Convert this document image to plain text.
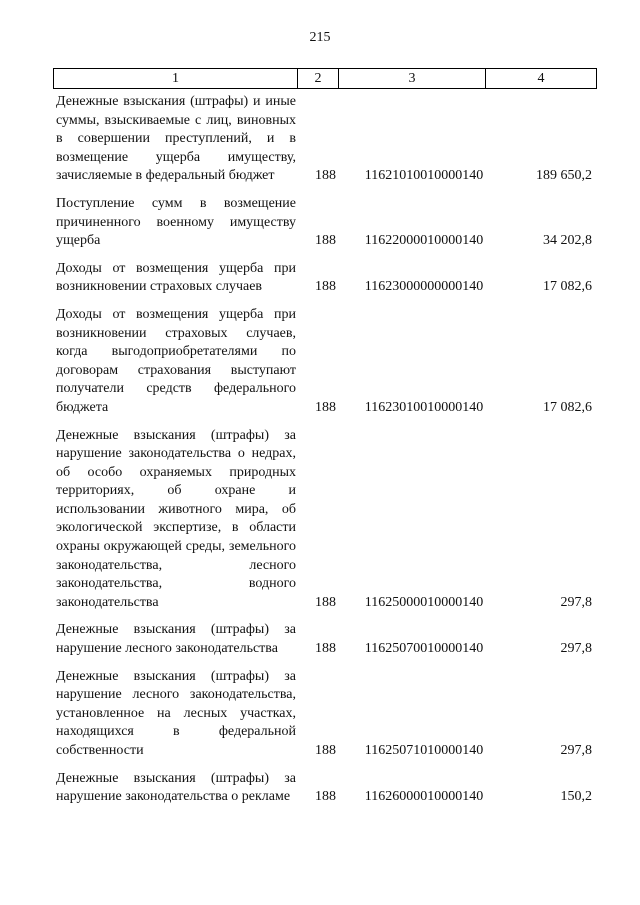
215
1	2	3	4
Денежные взыскания (штрафы) и иные суммы, взыскиваемые с лиц, виновных в совершении преступлений, и в возмещение ущерба имуществу, зачисляемые в федеральный бюджет	188	11621010010000140	189 650,2
Поступление сумм в возмещение причиненного военному имуществу ущерба	188	11622000010000140	34 202,8
Доходы от возмещения ущерба при возникновении страховых случаев	188	11623000000000140	17 082,6
Доходы от возмещения ущерба при возникновении страховых случаев, когда выгодоприобретателями по договорам страхования выступают получатели средств федерального бюджета	188	11623010010000140	17 082,6
Денежные взыскания (штрафы) за нарушение законодательства о недрах, об особо охраняемых природных территориях, об охране и использовании животного мира, об экологической экспертизе, в области охраны окружающей среды, земельного законодательства, лесного законодательства, водного законодательства	188	11625000010000140	297,8
Денежные взыскания (штрафы) за нарушение лесного законодательства	188	11625070010000140	297,8
Денежные взыскания (штрафы) за нарушение лесного законодательства, установленное на лесных участках, находящихся в федеральной собственности	188	11625071010000140	297,8
Денежные взыскания (штрафы) за нарушение законодательства о рекламе	188	11626000010000140	150,2
